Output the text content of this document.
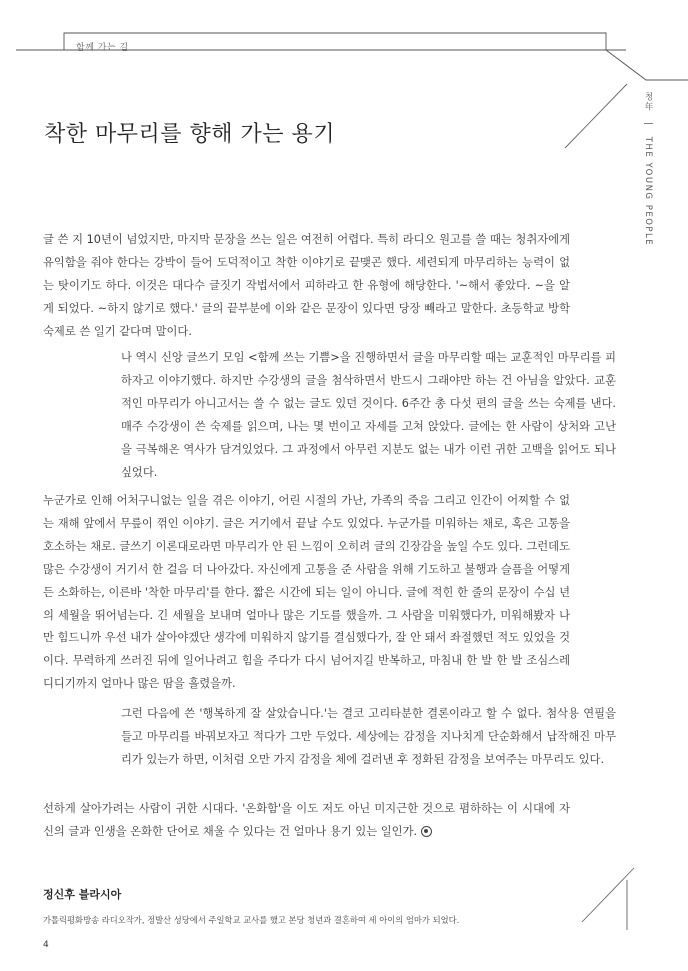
함께 가는 길
청年 | THE YOUNG PEOPLE
착한 마무리를 향해 가는 용기

글 쓴 지 10년이 넘었지만, 마지막 문장을 쓰는 일은 여전히 어렵다. 특히 라디오 원고를 쓸 때는 청취자에게 유익함을 줘야 한다는 강박이 들어 도덕적이고 착한 이야기로 끝맺곤 했다. 세련되게 마무리하는 능력이 없는 탓이기도 하다. 이것은 대다수 글짓기 작법서에서 피하라고 한 유형에 해당한다. '~해서 좋았다. ~을 알게 되었다. ~하지 않기로 했다.' 글의 끝부분에 이와 같은 문장이 있다면 당장 빼라고 말한다. 초등학교 방학 숙제로 쓴 일기 같다며 말이다.

나 역시 신앙 글쓰기 모임 <함께 쓰는 기쁨>을 진행하면서 글을 마무리할 때는 교훈적인 마무리를 피하자고 이야기했다. 하지만 수강생의 글을 첨삭하면서 반드시 그래야만 하는 건 아님을 알았다. 교훈적인 마무리가 아니고서는 쓸 수 없는 글도 있던 것이다. 6주간 총 다섯 편의 글을 쓰는 숙제를 낸다. 매주 수강생이 쓴 숙제를 읽으며, 나는 몇 번이고 자세를 고쳐 앉았다. 글에는 한 사람이 상처와 고난을 극복해온 역사가 담겨있었다. 그 과정에서 아무런 지분도 없는 내가 이런 귀한 고백을 읽어도 되나 싶었다.

누군가로 인해 어처구니없는 일을 겪은 이야기, 어린 시절의 가난, 가족의 죽음 그리고 인간이 어찌할 수 없는 재해 앞에서 무릎이 꺾인 이야기. 글은 거기에서 끝날 수도 있었다. 누군가를 미워하는 채로, 혹은 고통을 호소하는 채로. 글쓰기 이론대로라면 마무리가 안 된 느낌이 오히려 글의 긴장감을 높일 수도 있다. 그런데도 많은 수강생이 거기서 한 걸음 더 나아갔다. 자신에게 고통을 준 사람을 위해 기도하고 불행과 슬픔을 어떻게든 소화하는, 이른바 '착한 마무리'를 한다. 짧은 시간에 되는 일이 아니다. 글에 적힌 한 줄의 문장이 수십 년의 세월을 뛰어넘는다. 긴 세월을 보내며 얼마나 많은 기도를 했을까. 그 사람을 미워했다가, 미워해봤자 나만 힘드니까 우선 내가 살아야겠단 생각에 미워하지 않기를 결심했다가, 잘 안 돼서 좌절했던 적도 있었을 것이다. 무력하게 쓰러진 뒤에 일어나려고 힘을 주다가 다시 넘어지길 반복하고, 마침내 한 발 한 발 조심스레 디디기까지 얼마나 많은 땀을 흘렸을까.

그런 다음에 쓴 '행복하게 잘 살았습니다.'는 결코 고리타분한 결론이라고 할 수 없다. 첨삭용 연필을 들고 마무리를 바꿔보자고 적다가 그만 두었다. 세상에는 감정을 지나치게 단순화해서 납작해진 마무리가 있는가 하면, 이처럼 오만 가지 감정을 체에 걸러낸 후 정화된 감정을 보여주는 마무리도 있다.

선하게 살아가려는 사람이 귀한 시대다. '온화함'을 이도 저도 아닌 미지근한 것으로 폄하하는 이 시대에 자신의 글과 인생을 온화한 단어로 채울 수 있다는 건 얼마나 용기 있는 일인가.

정신후 블라시아
가톨릭평화방송 라디오작가, 정발산 성당에서 주일학교 교사를 했고 본당 청년과 결혼하여 세 아이의 엄마가 되었다.
4
